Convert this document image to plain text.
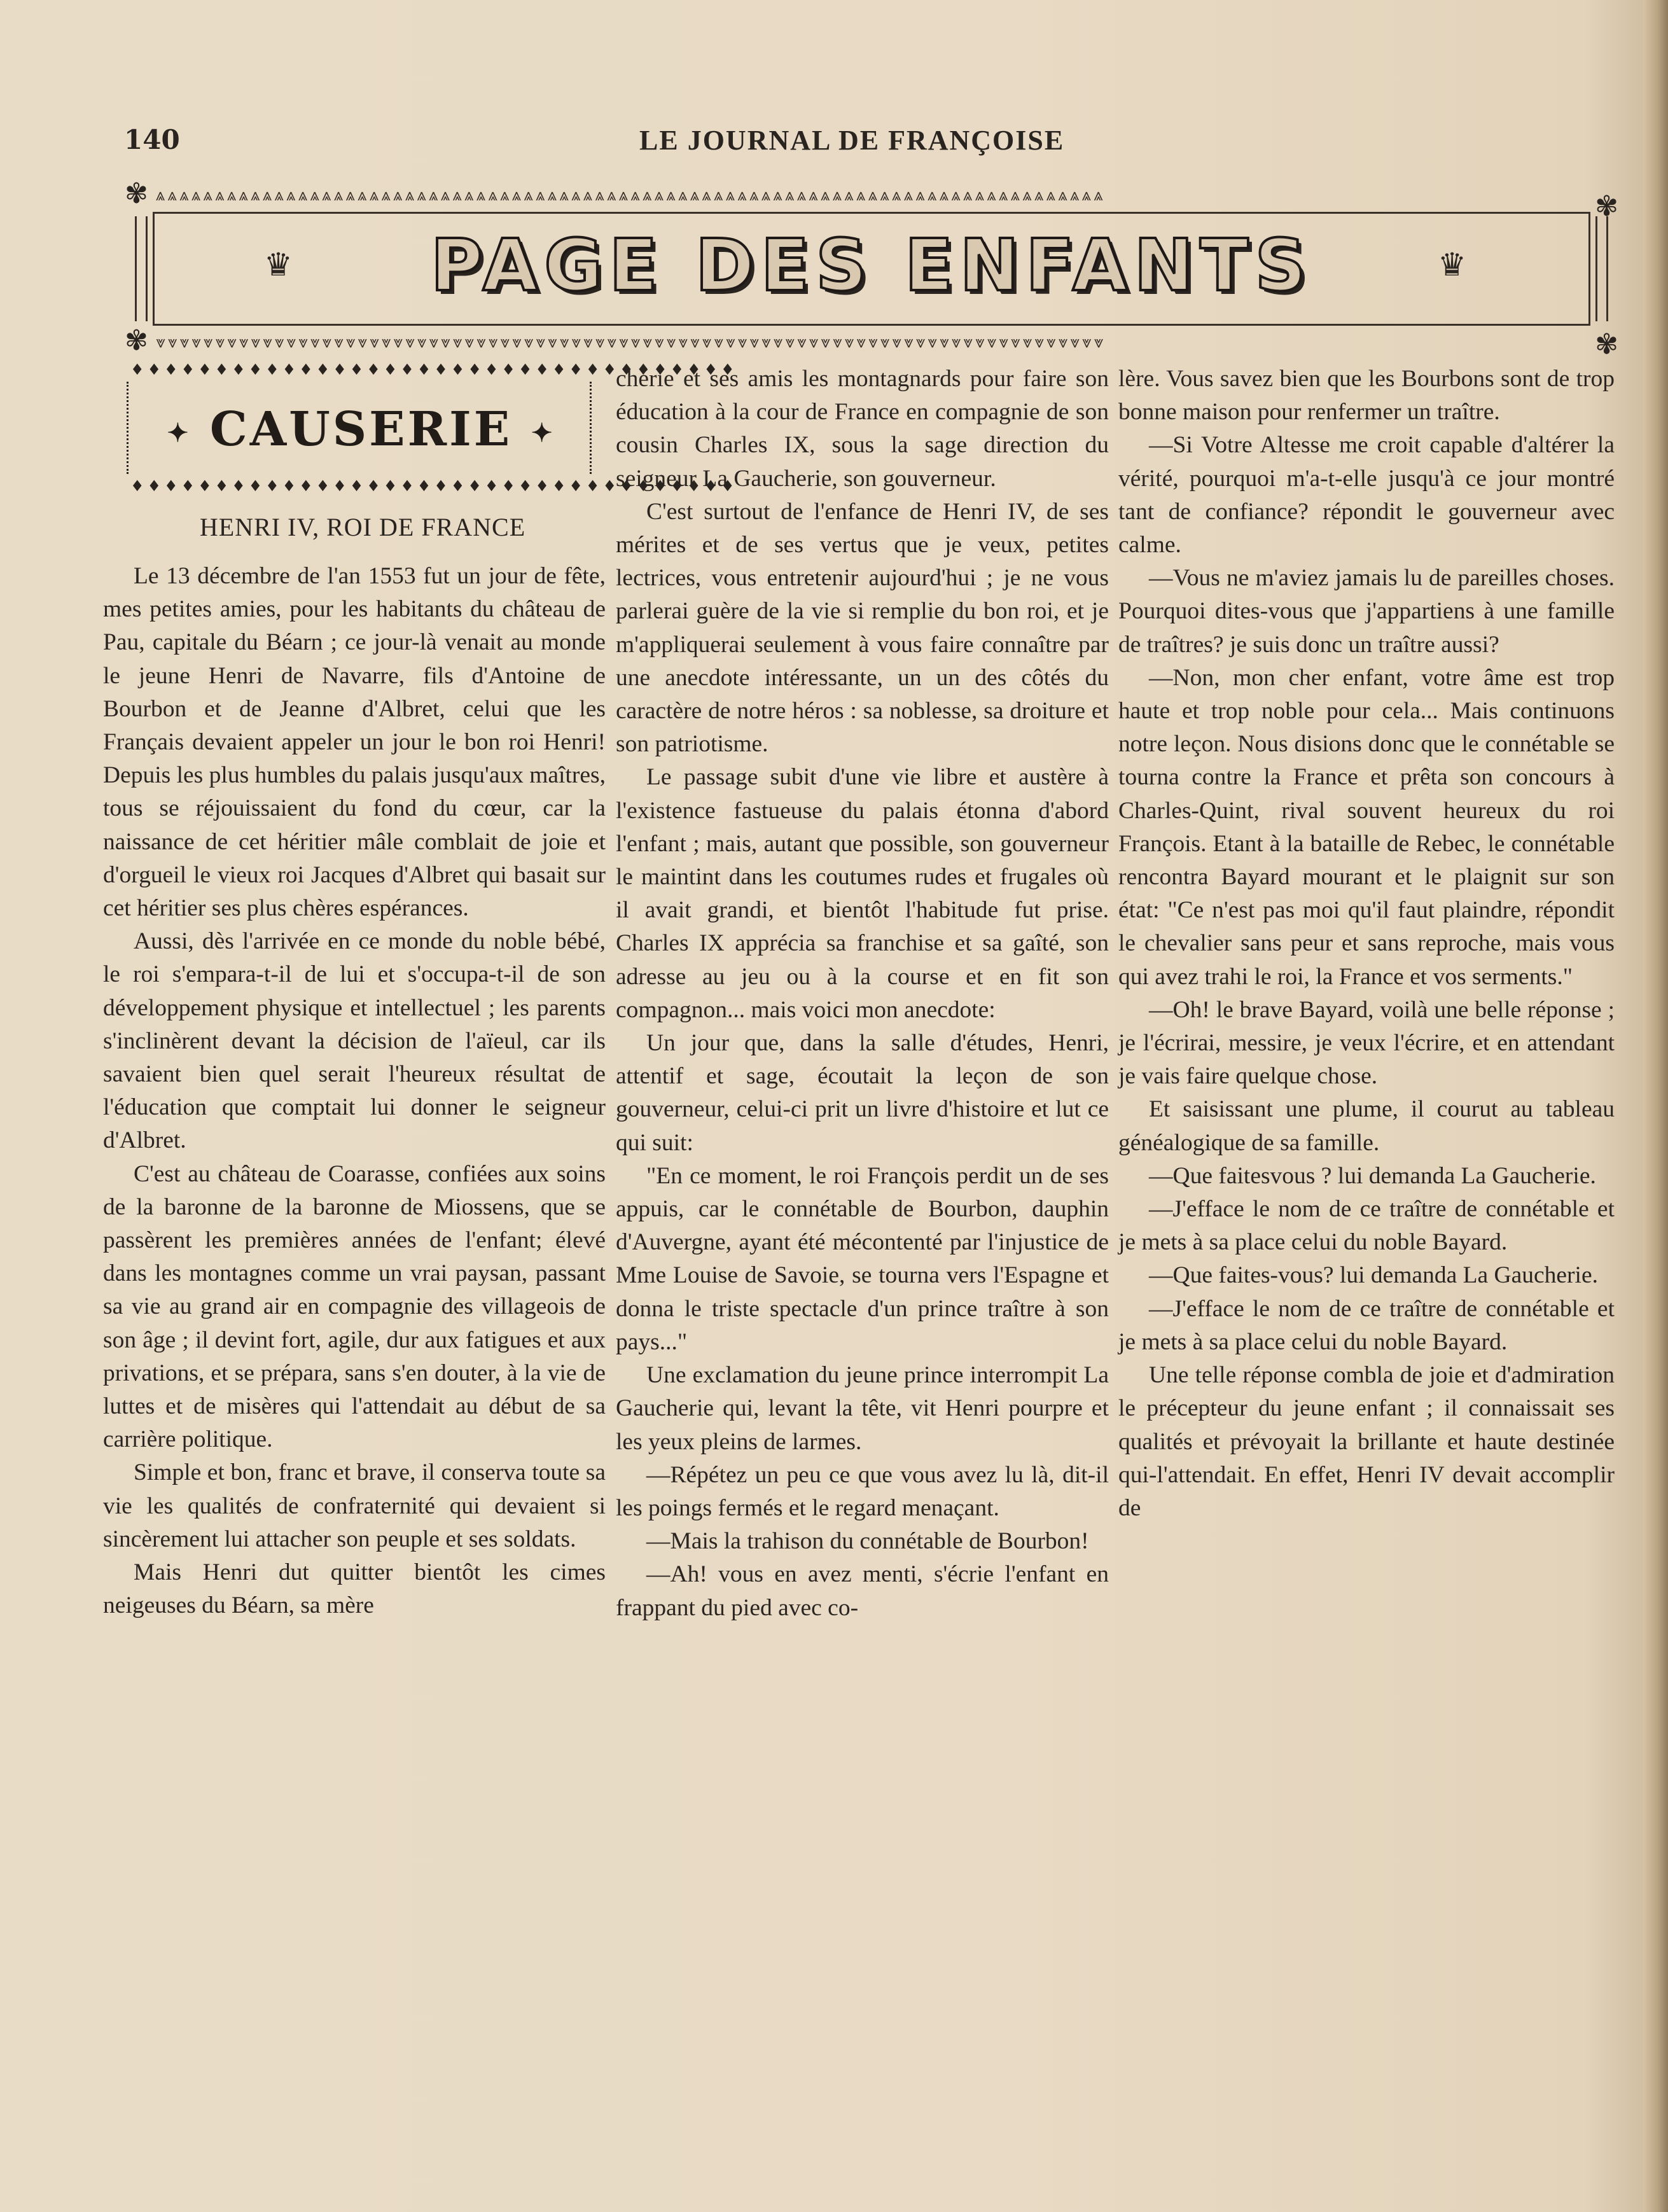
140	LE JOURNAL DE FRANÇOISE
⩓⩓⩓⩓⩓⩓⩓⩓⩓⩓⩓⩓⩓⩓⩓⩓⩓⩓⩓⩓⩓⩓⩓⩓⩓⩓⩓⩓⩓⩓⩓⩓⩓⩓⩓⩓⩓⩓⩓⩓⩓⩓⩓⩓⩓⩓⩓⩓⩓⩓⩓⩓⩓⩓⩓⩓⩓⩓⩓⩓⩓⩓⩓⩓⩓⩓⩓⩓⩓⩓⩓⩓⩓⩓⩓⩓⩓⩓⩓⩓
⩔⩔⩔⩔⩔⩔⩔⩔⩔⩔⩔⩔⩔⩔⩔⩔⩔⩔⩔⩔⩔⩔⩔⩔⩔⩔⩔⩔⩔⩔⩔⩔⩔⩔⩔⩔⩔⩔⩔⩔⩔⩔⩔⩔⩔⩔⩔⩔⩔⩔⩔⩔⩔⩔⩔⩔⩔⩔⩔⩔⩔⩔⩔⩔⩔⩔⩔⩔⩔⩔⩔⩔⩔⩔⩔⩔⩔⩔⩔⩔
✾	✾
✾	✾
♛	PAGE DES ENFANTS	♛
♦♦♦♦♦♦♦♦♦♦♦♦♦♦♦♦♦♦♦♦♦♦♦♦♦♦♦♦♦♦♦♦♦♦♦♦
♦♦♦♦♦♦♦♦♦♦♦♦♦♦♦♦♦♦♦♦♦♦♦♦♦♦♦♦♦♦♦♦♦♦♦♦
✦ CAUSERIE ✦
HENRI IV, ROI DE FRANCE

Le 13 décembre de l'an 1553 fut un jour de fête, mes petites amies, pour les habitants du château de Pau, capitale du Béarn ; ce jour-là venait au monde le jeune Henri de Navarre, fils d'Antoine de Bourbon et de Jeanne d'Albret, celui que les Français devaient appeler un jour le bon roi Henri! Depuis les plus humbles du palais jusqu'aux maîtres, tous se réjouissaient du fond du cœur, car la naissance de cet héritier mâle comblait de joie et d'orgueil le vieux roi Jacques d'Albret qui basait sur cet héritier ses plus chères espérances.

Aussi, dès l'arrivée en ce monde du noble bébé, le roi s'empara-t-il de lui et s'occupa-t-il de son développement physique et intellectuel ; les parents s'inclinèrent devant la décision de l'aïeul, car ils savaient bien quel serait l'heureux résultat de l'éducation que comptait lui donner le seigneur d'Albret.

C'est au château de Coarasse, confiées aux soins de la baronne de la baronne de Miossens, que se passèrent les premières années de l'enfant; élevé dans les montagnes comme un vrai paysan, passant sa vie au grand air en compagnie des villageois de son âge ; il devint fort, agile, dur aux fatigues et aux privations, et se prépara, sans s'en douter, à la vie de luttes et de misères qui l'attendait au début de sa carrière politique.

Simple et bon, franc et brave, il conserva toute sa vie les qualités de confraternité qui devaient si sincèrement lui attacher son peuple et ses soldats.

Mais Henri dut quitter bientôt les cimes neigeuses du Béarn, sa mère

chérie et ses amis les montagnards pour faire son éducation à la cour de France en compagnie de son cousin Charles IX, sous la sage direction du seigneur La Gaucherie, son gouverneur.

C'est surtout de l'enfance de Henri IV, de ses mérites et de ses vertus que je veux, petites lectrices, vous entretenir aujourd'hui ; je ne vous parlerai guère de la vie si remplie du bon roi, et je m'appliquerai seulement à vous faire connaître par une anecdote intéressante, un un des côtés du caractère de notre héros : sa noblesse, sa droiture et son patriotisme.

Le passage subit d'une vie libre et austère à l'existence fastueuse du palais étonna d'abord l'enfant ; mais, autant que possible, son gouverneur le maintint dans les coutumes rudes et frugales où il avait grandi, et bientôt l'habitude fut prise. Charles IX apprécia sa franchise et sa gaîté, son adresse au jeu ou à la course et en fit son compagnon... mais voici mon anecdote:

Un jour que, dans la salle d'études, Henri, attentif et sage, écoutait la leçon de son gouverneur, celui-ci prit un livre d'histoire et lut ce qui suit:

"En ce moment, le roi François perdit un de ses appuis, car le connétable de Bourbon, dauphin d'Auvergne, ayant été mécontenté par l'injustice de Mme Louise de Savoie, se tourna vers l'Espagne et donna le triste spectacle d'un prince traître à son pays..."

Une exclamation du jeune prince interrompit La Gaucherie qui, levant la tête, vit Henri pourpre et les yeux pleins de larmes.

—Répétez un peu ce que vous avez lu là, dit-il les poings fermés et le regard menaçant.

—Mais la trahison du connétable de Bourbon!

—Ah! vous en avez menti, s'écrie l'enfant en frappant du pied avec co-

lère. Vous savez bien que les Bourbons sont de trop bonne maison pour renfermer un traître.

—Si Votre Altesse me croit capable d'altérer la vérité, pourquoi m'a-t-elle jusqu'à ce jour montré tant de confiance? répondit le gouverneur avec calme.

—Vous ne m'aviez jamais lu de pareilles choses. Pourquoi dites-vous que j'appartiens à une famille de traîtres? je suis donc un traître aussi?

—Non, mon cher enfant, votre âme est trop haute et trop noble pour cela... Mais continuons notre leçon. Nous disions donc que le connétable se tourna contre la France et prêta son concours à Charles-Quint, rival souvent heureux du roi François. Etant à la bataille de Rebec, le connétable rencontra Bayard mourant et le plaignit sur son état: "Ce n'est pas moi qu'il faut plaindre, répondit le chevalier sans peur et sans reproche, mais vous qui avez trahi le roi, la France et vos serments."

—Oh! le brave Bayard, voilà une belle réponse ; je l'écrirai, messire, je veux l'écrire, et en attendant je vais faire quelque chose.

Et saisissant une plume, il courut au tableau généalogique de sa famille.

—Que faitesvous ? lui demanda La Gaucherie.

—J'efface le nom de ce traître de connétable et je mets à sa place celui du noble Bayard.

—Que faites-vous? lui demanda La Gaucherie.

—J'efface le nom de ce traître de connétable et je mets à sa place celui du noble Bayard.

Une telle réponse combla de joie et d'admiration le précepteur du jeune enfant ; il connaissait ses qualités et prévoyait la brillante et haute destinée qui-l'attendait. En effet, Henri IV devait accomplir de
